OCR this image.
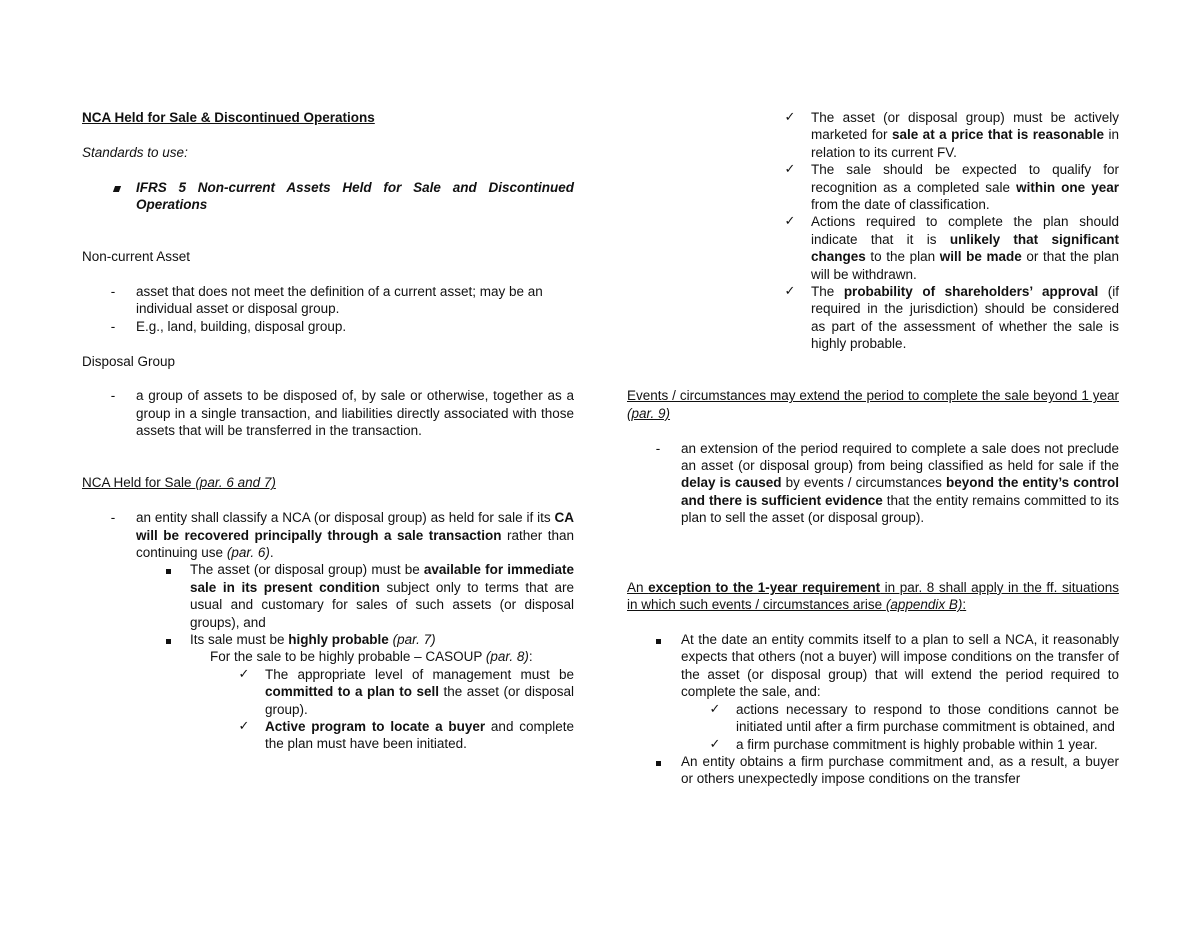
NCA Held for Sale & Discontinued Operations

Standards to use:

IFRS 5 Non-current Assets Held for Sale and Discontinued Operations

Non-current Asset

-

asset that does not meet the definition of a current asset; may be an individual asset or disposal group.

-

E.g., land, building, disposal group.

Disposal Group

-

a group of assets to be disposed of, by sale or otherwise, together as a group in a single transaction, and liabilities directly associated with those assets that will be transferred in the transaction.

NCA Held for Sale (par. 6 and 7)

-

an entity shall classify a NCA (or disposal group) as held for sale if its CA will be recovered principally through a sale transaction rather than continuing use (par. 6).

The asset (or disposal group) must be available for immediate sale in its present condition subject only to terms that are usual and customary for sales of such assets (or disposal groups), and

Its sale must be highly probable (par. 7)

For the sale to be highly probable – CASOUP (par. 8):

✓ The appropriate level of management must be committed to a plan to sell the asset (or disposal group).

✓ Active program to locate a buyer and complete the plan must have been initiated.

✓ The asset (or disposal group) must be actively marketed for sale at a price that is reasonable in relation to its current FV.

✓ The sale should be expected to qualify for recognition as a completed sale within one year from the date of classification.

✓ Actions required to complete the plan should indicate that it is unlikely that significant changes to the plan will be made or that the plan will be withdrawn.

✓ The probability of shareholders’ approval (if required in the jurisdiction) should be considered as part of the assessment of whether the sale is highly probable.

Events / circumstances may extend the period to complete the sale beyond 1 year (par. 9)

-

an extension of the period required to complete a sale does not preclude an asset (or disposal group) from being classified as held for sale if the delay is caused by events / circumstances beyond the entity’s control and there is sufficient evidence that the entity remains committed to its plan to sell the asset (or disposal group).

An exception to the 1-year requirement in par. 8 shall apply in the ff. situations in which such events / circumstances arise (appendix B):

At the date an entity commits itself to a plan to sell a NCA, it reasonably expects that others (not a buyer) will impose conditions on the transfer of the asset (or disposal group) that will extend the period required to complete the sale, and:

✓ actions necessary to respond to those conditions cannot be initiated until after a firm purchase commitment is obtained, and

✓ a firm purchase commitment is highly probable within 1 year.

An entity obtains a firm purchase commitment and, as a result, a buyer or others unexpectedly impose conditions on the transfer
